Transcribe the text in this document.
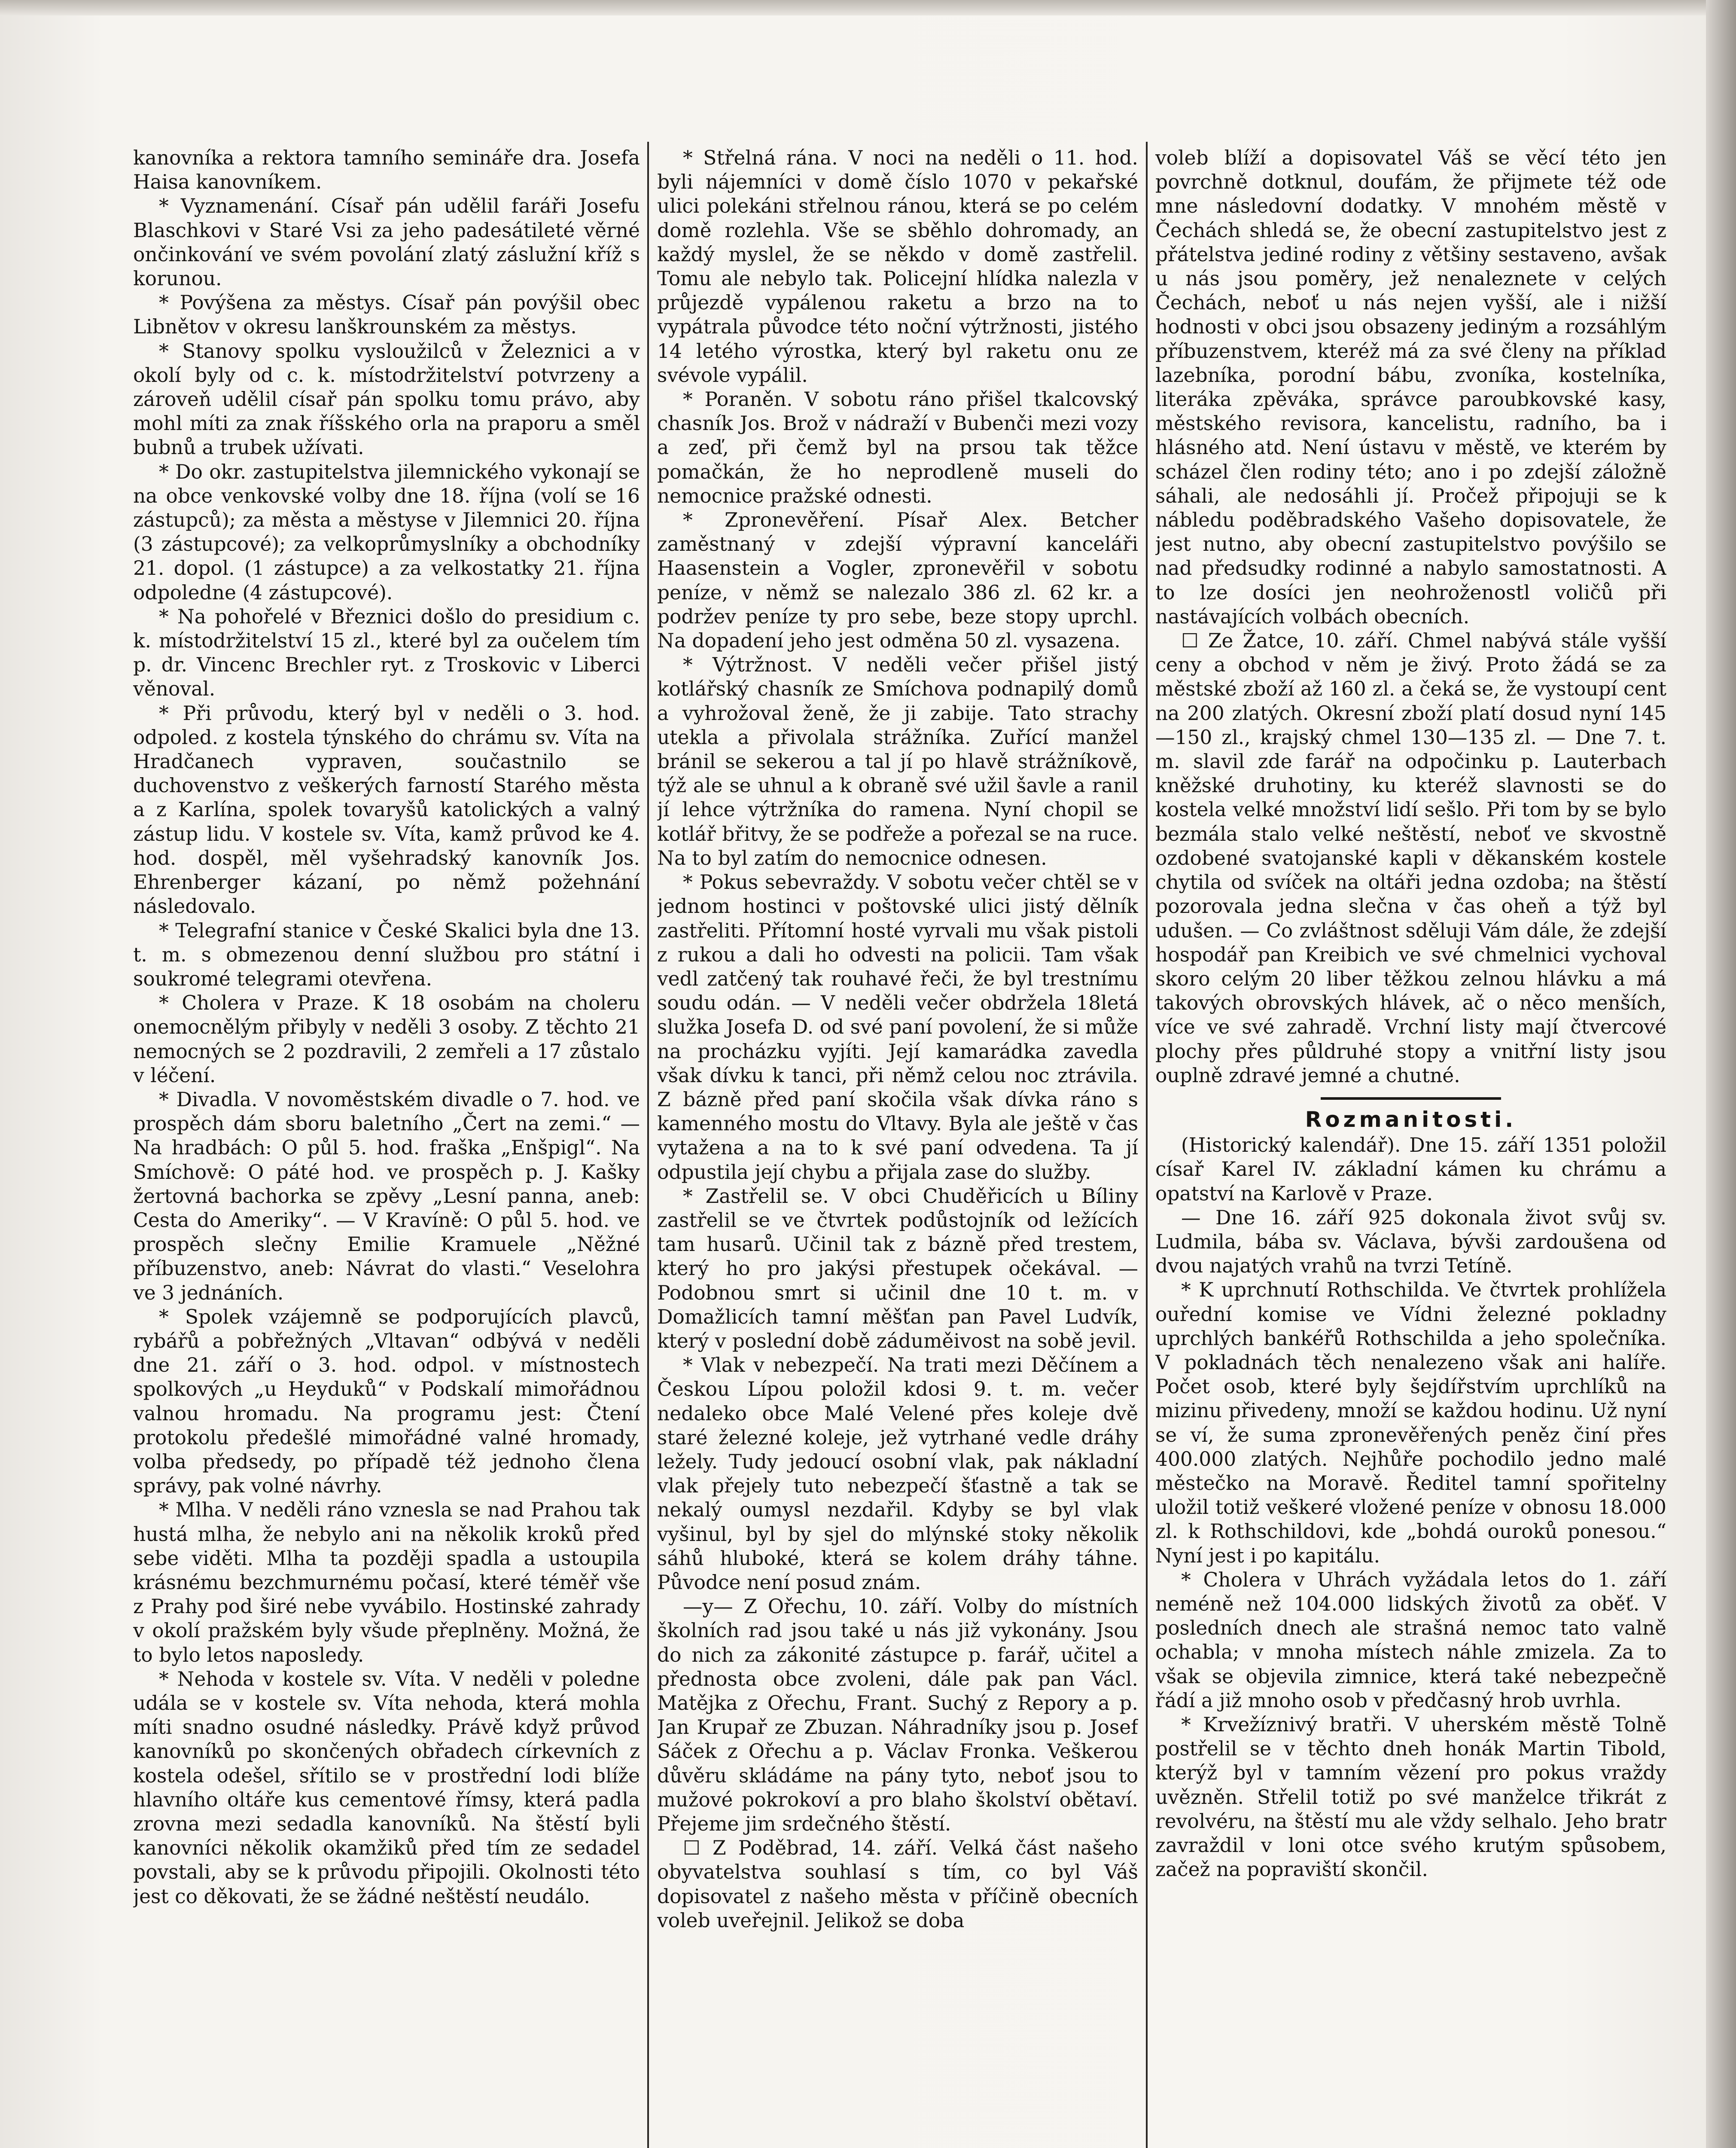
kanovníka a rektora tamního semináře dra. Josefa Haisa kanovníkem.

* Vyznamenání. Císař pán udělil faráři Josefu Blaschkovi v Staré Vsi za jeho padesátileté věrné ončinkování ve svém povolání zlatý záslužní kříž s korunou.

* Povýšena za městys. Císař pán povýšil obec Libnětov v okresu lanškrounském za městys.

* Stanovy spolku vysloužilců v Železnici a v okolí byly od c. k. místodržitelství potvrzeny a zároveň udělil císař pán spolku tomu právo, aby mohl míti za znak říšského orla na praporu a směl bubnů a trubek užívati.

* Do okr. zastupitelstva jilemnického vykonají se na obce venkovské volby dne 18. října (volí se 16 zástupců); za města a městyse v Jilemnici 20. října (3 zástupcové); za velkoprůmyslníky a obchodníky 21. dopol. (1 zástupce) a za velkostatky 21. října odpoledne (4 zástupcové).

* Na pohořelé v Březnici došlo do presidium c. k. místodržitelství 15 zl., které byl za oučelem tím p. dr. Vincenc Brechler ryt. z Troskovic v Liberci věnoval.

* Při průvodu, který byl v neděli o 3. hod. odpoled. z kostela týnského do chrámu sv. Víta na Hradčanech vypraven, součastnilo se duchovenstvo z veškerých farností Starého města a z Karlína, spolek tovaryšů katolických a valný zástup lidu. V kostele sv. Víta, kamž průvod ke 4. hod. dospěl, měl vyšehradský kanovník Jos. Ehrenberger kázaní, po němž požehnání následovalo.

* Telegrafní stanice v České Skalici byla dne 13. t. m. s obmezenou denní službou pro státní i soukromé telegrami otevřena.

* Cholera v Praze. K 18 osobám na choleru onemocnělým přibyly v neděli 3 osoby. Z těchto 21 nemocných se 2 pozdravili, 2 zemřeli a 17 zůstalo v léčení.

* Divadla. V novoměstském divadle o 7. hod. ve prospěch dám sboru baletního „Čert na zemi.“ — Na hradbách: O půl 5. hod. fraška „Enšpigl“. Na Smíchově: O páté hod. ve prospěch p. J. Kašky žertovná bachorka se zpěvy „Lesní panna, aneb: Cesta do Ameriky“. — V Kravíně: O půl 5. hod. ve prospěch slečny Emilie Kramuele „Něžné příbuzenstvo, aneb: Návrat do vlasti.“ Veselohra ve 3 jednáních.

* Spolek vzájemně se podporujících plavců, rybářů a pobřežných „Vltavan“ odbývá v neděli dne 21. září o 3. hod. odpol. v místnostech spolkových „u Heyduků“ v Podskalí mimořádnou valnou hromadu. Na programu jest: Čtení protokolu předešlé mimořádné valné hromady, volba předsedy, po případě též jednoho člena správy, pak volné návrhy.

* Mlha. V neděli ráno vznesla se nad Prahou tak hustá mlha, že nebylo ani na několik kroků před sebe viděti. Mlha ta později spadla a ustoupila krásnému bezchmurnému počasí, které téměř vše z Prahy pod širé nebe vyvábilo. Hostinské zahrady v okolí pražském byly všude přeplněny. Možná, že to bylo letos naposledy.

* Nehoda v kostele sv. Víta. V neděli v poledne udála se v kostele sv. Víta nehoda, která mohla míti snadno osudné následky. Právě když průvod kanovníků po skončených obřadech církevních z kostela odešel, sřítilo se v prostřední lodi blíže hlavního oltáře kus cementové římsy, která padla zrovna mezi sedadla kanovníků. Na štěstí byli kanovníci několik okamžiků před tím ze sedadel povstali, aby se k průvodu připojili. Okolnosti této jest co děkovati, že se žádné neštěstí neudálo.

* Střelná rána. V noci na neděli o 11. hod. byli nájemníci v domě číslo 1070 v pekařské ulici polekáni střelnou ránou, která se po celém domě rozlehla. Vše se sběhlo dohromady, an každý myslel, že se někdo v domě zastřelil. Tomu ale nebylo tak. Policejní hlídka nalezla v průjezdě vypálenou raketu a brzo na to vypátrala původce této noční výtržnosti, jistého 14 letého výrostka, který byl raketu onu ze svévole vypálil.

* Poraněn. V sobotu ráno přišel tkalcovský chasník Jos. Brož v nádraží v Bubenči mezi vozy a zeď, při čemž byl na prsou tak těžce pomačkán, že ho neprodleně museli do nemocnice pražské odnesti.

* Zpronevěření. Písař Alex. Betcher zaměstnaný v zdejší výpravní kanceláři Haasenstein a Vogler, zpronevěřil v sobotu peníze, v němž se nalezalo 386 zl. 62 kr. a podržev peníze ty pro sebe, beze stopy uprchl. Na dopadení jeho jest odměna 50 zl. vysazena.

* Výtržnost. V neděli večer přišel jistý kotlářský chasník ze Smíchova podnapilý domů a vyhrožoval ženě, že ji zabije. Tato strachy utekla a přivolala strážníka. Zuřící manžel bránil se sekerou a tal jí po hlavě strážníkově, týž ale se uhnul a k obraně své užil šavle a ranil jí lehce výtržníka do ramena. Nyní chopil se kotlář břitvy, že se podřeže a pořezal se na ruce. Na to byl zatím do nemocnice odnesen.

* Pokus sebevraždy. V sobotu večer chtěl se v jednom hostinci v poštovské ulici jistý dělník zastřeliti. Přítomní hosté vyrvali mu však pistoli z rukou a dali ho odvesti na policii. Tam však vedl zatčený tak rouhavé řeči, že byl trestnímu soudu odán. — V neděli večer obdržela 18letá služka Josefa D. od své paní povolení, že si může na procházku vyjíti. Její kamarádka zavedla však dívku k tanci, při němž celou noc ztrávila. Z bázně před paní skočila však dívka ráno s kamenného mostu do Vltavy. Byla ale ještě v čas vytažena a na to k své paní odvedena. Ta jí odpustila její chybu a přijala zase do služby.

* Zastřelil se. V obci Chuděřicích u Bíliny zastřelil se ve čtvrtek podůstojník od ležících tam husarů. Učinil tak z bázně před trestem, který ho pro jakýsi přestupek očekával. — Podobnou smrt si učinil dne 10 t. m. v Domažlicích tamní měšťan pan Pavel Ludvík, který v poslední době záduměivost na sobě jevil.

* Vlak v nebezpečí. Na trati mezi Děčínem a Českou Lípou položil kdosi 9. t. m. večer nedaleko obce Malé Velené přes koleje dvě staré železné koleje, jež vytrhané vedle dráhy ležely. Tudy jedoucí osobní vlak, pak nákladní vlak přejely tuto nebezpečí šťastně a tak se nekalý oumysl nezdařil. Kdyby se byl vlak vyšinul, byl by sjel do mlýnské stoky několik sáhů hluboké, která se kolem dráhy táhne. Původce není posud znám.

—y— Z Ořechu, 10. září. Volby do místních školních rad jsou také u nás již vykonány. Jsou do nich za zákonité zástupce p. farář, učitel a přednosta obce zvoleni, dále pak pan Václ. Matějka z Ořechu, Frant. Suchý z Repory a p. Jan Krupař ze Zbuzan. Náhradníky jsou p. Josef Sáček z Ořechu a p. Václav Fronka. Veškerou důvěru skládáme na pány tyto, neboť jsou to mužové pokrokoví a pro blaho školství obětaví. Přejeme jim srdečného štěstí.

☐ Z Poděbrad, 14. září. Velká část našeho obyvatelstva souhlasí s tím, co byl Váš dopisovatel z našeho města v příčině obecních voleb uveřejnil. Jelikož se doba

voleb blíží a dopisovatel Váš se věcí této jen povrchně dotknul, doufám, že přijmete též ode mne následovní dodatky. V mnohém městě v Čechách shledá se, že obecní zastupitelstvo jest z přátelstva jediné rodiny z většiny sestaveno, avšak u nás jsou poměry, jež nenaleznete v celých Čechách, neboť u nás nejen vyšší, ale i nižší hodnosti v obci jsou obsazeny jediným a rozsáhlým příbuzenstvem, kteréž má za své členy na příklad lazebníka, porodní bábu, zvoníka, kostelníka, literáka zpěváka, správce paroubkovské kasy, městského revisora, kancelistu, radního, ba i hlásného atd. Není ústavu v městě, ve kterém by scházel člen rodiny této; ano i po zdejší záložně sáhali, ale nedosáhli jí. Pročež připojuji se k nábledu poděbradského Vašeho dopisovatele, že jest nutno, aby obecní zastupitelstvo povýšilo se nad předsudky rodinné a nabylo samostatnosti. A to lze dosíci jen neohroženostl voličů při nastávajících volbách obecních.

☐ Ze Žatce, 10. září. Chmel nabývá stále vyšší ceny a obchod v něm je živý. Proto žádá se za městské zboží až 160 zl. a čeká se, že vystoupí cent na 200 zlatých. Okresní zboží platí dosud nyní 145—150 zl., krajský chmel 130—135 zl. — Dne 7. t. m. slavil zde farář na odpočinku p. Lauterbach kněžské druhotiny, ku kteréž slavnosti se do kostela velké množství lidí sešlo. Při tom by se bylo bezmála stalo velké neštěstí, neboť ve skvostně ozdobené svatojanské kapli v děkanském kostele chytila od svíček na oltáři jedna ozdoba; na štěstí pozorovala jedna slečna v čas oheň a týž byl udušen. — Co zvláštnost sděluji Vám dále, že zdejší hospodář pan Kreibich ve své chmelnici vychoval skoro celým 20 liber těžkou zelnou hlávku a má takových obrovských hlávek, ač o něco menších, více ve své zahradě. Vrchní listy mají čtvercové plochy přes půldruhé stopy a vnitřní listy jsou ouplně zdravé jemné a chutné.

Rozmanitosti.

(Historický kalendář). Dne 15. září 1351 položil císař Karel IV. základní kámen ku chrámu a opatství na Karlově v Praze.

— Dne 16. září 925 dokonala život svůj sv. Ludmila, bába sv. Václava, bývši zardoušena od dvou najatých vrahů na tvrzi Tetíně.

* K uprchnutí Rothschilda. Ve čtvrtek prohlížela ouřední komise ve Vídni železné pokladny uprchlých bankéřů Rothschilda a jeho společníka. V pokladnách těch nenalezeno však ani halíře. Počet osob, které byly šejdířstvím uprchlíků na mizinu přivedeny, množí se každou hodinu. Už nyní se ví, že suma zpronevěřených peněz činí přes 400.000 zlatých. Nejhůře pochodilo jedno malé městečko na Moravě. Ředitel tamní spořitelny uložil totiž veškeré vložené peníze v obnosu 18.000 zl. k Rothschildovi, kde „bohdá ouroků ponesou.“ Nyní jest i po kapitálu.

* Cholera v Uhrách vyžádala letos do 1. září neméně než 104.000 lidských životů za oběť. V posledních dnech ale strašná nemoc tato valně ochabla; v mnoha místech náhle zmizela. Za to však se objevila zimnice, která také nebezpečně řádí a již mnoho osob v předčasný hrob uvrhla.

* Krvežíznivý bratři. V uherském městě Tolně postřelil se v těchto dneh honák Martin Tibold, kterýž byl v tamním vězení pro pokus vraždy uvězněn. Střelil totiž po své manželce třikrát z revolvéru, na štěstí mu ale vždy selhalo. Jeho bratr zavraždil v loni otce svého krutým spůsobem, začež na popraviští skončil.
